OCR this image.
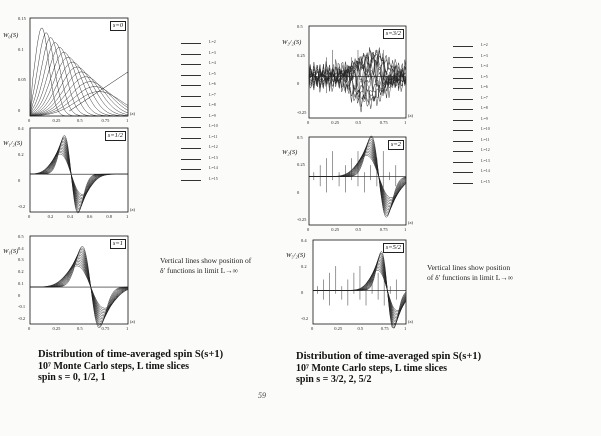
s=0
W₀(S)
0.15
0.1
0.05
0
0	0.25	0.5	0.75	1
(a)
s=1/2
W₁/₂(S)
0.4
0.2
0
-0.2
0	0.2	0.4	0.6	0.8	1
(a)
s=1
W₁(S)
0.5
0.4
0.3
0.2
0.1
0
-0.1
-0.2
0	0.25	0.5	0.75	1
(a)
L=2
L=3
L=4
L=5
L=6
L=7
L=8
L=9
L=10
L=11
L=12
L=13
L=14
L=15
Vertical lines show position of
δ′ functions in limit L→∞
Distribution of time-averaged spin S(s+1)
10⁷ Monte Carlo steps, L time slices
spin s = 0, 1/2, 1
s=3/2
W₃/₂(S)
0.5
0.25
0
-0.25
0	0.25	0.5	0.75	1
(a)
s=2
W₂(S)
0.5
0.25
0
-0.25
0	0.25	0.5	0.75	1
(a)
s=5/2
W₅/₂(S)
0.4
0.2
0
-0.2
0	0.25	0.5	0.75	1
(a)
L=2
L=3
L=4
L=5
L=6
L=7
L=8
L=9
L=10
L=11
L=12
L=13
L=14
L=15
Vertical lines show position
of δ′ functions in limit L→∞
Distribution of time-averaged spin S(s+1)
10⁷ Monte Carlo steps, L time slices
spin s = 3/2, 2, 5/2
59
